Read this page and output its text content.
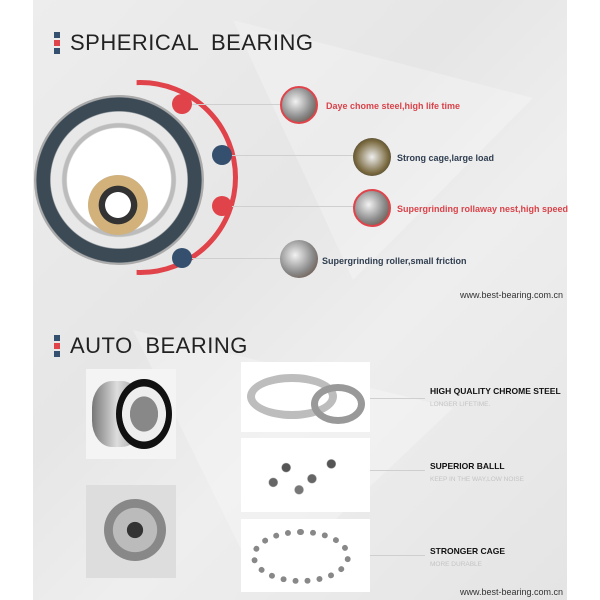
SPHERICAL BEARING
Daye chome steel,high life time
Strong cage,large load
Supergrinding rollaway nest,high speed
Supergrinding roller,small friction
www.best-bearing.com.cn
AUTO BEARING
HIGH QUALITY CHROME STEEL
LONGER LIFETIME.
SUPERIOR BALLL
KEEP IN THE WAY,LOW NOISE
STRONGER CAGE
MORE DURABLE
www.best-bearing.com.cn
